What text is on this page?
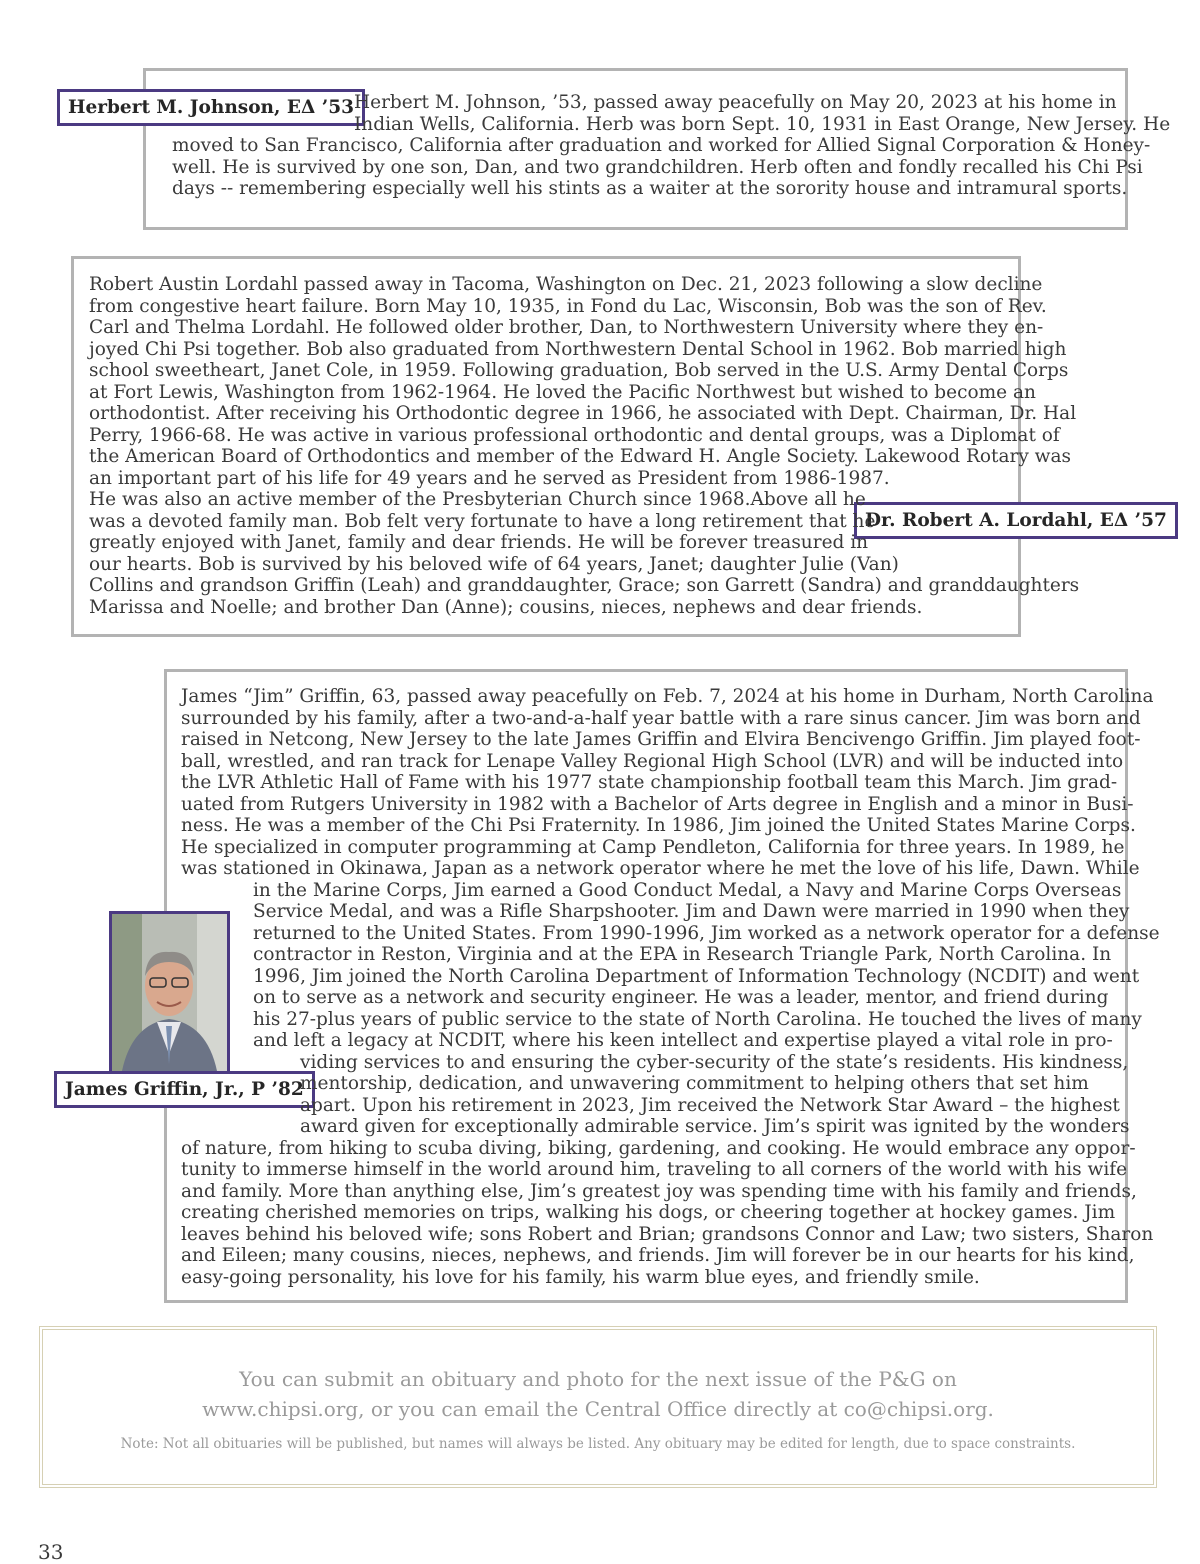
Herbert M. Johnson, EΔ ’53 Herbert M. Johnson, ’53, passed away peacefully on May 20, 2023 at his home in
Indian Wells, California. Herb was born Sept. 10, 1931 in East Orange, New Jersey. He
moved to San Francisco, California after graduation and worked for Allied Signal Corporation & Honey-
well. He is survived by one son, Dan, and two grandchildren. Herb often and fondly recalled his Chi Psi
days -- remembering especially well his stints as a waiter at the sorority house and intramural sports.
Dr. Robert A. Lordahl, EΔ ’57
Robert Austin Lordahl passed away in Tacoma, Washington on Dec. 21, 2023 following a slow decline
from congestive heart failure. Born May 10, 1935, in Fond du Lac, Wisconsin, Bob was the son of Rev.
Carl and Thelma Lordahl. He followed older brother, Dan, to Northwestern University where they en-
joyed Chi Psi together. Bob also graduated from Northwestern Dental School in 1962. Bob married high
school sweetheart, Janet Cole, in 1959. Following graduation, Bob served in the U.S. Army Dental Corps
at Fort Lewis, Washington from 1962-1964. He loved the Pacific Northwest but wished to become an
orthodontist. After receiving his Orthodontic degree in 1966, he associated with Dept. Chairman, Dr. Hal
Perry, 1966-68. He was active in various professional orthodontic and dental groups, was a Diplomat of
the American Board of Orthodontics and member of the Edward H. Angle Society. Lakewood Rotary was
an important part of his life for 49 years and he served as President from 1986-1987.
He was also an active member of the Presbyterian Church since 1968.Above all he
was a devoted family man. Bob felt very fortunate to have a long retirement that he
greatly enjoyed with Janet, family and dear friends. He will be forever treasured in
our hearts. Bob is survived by his beloved wife of 64 years, Janet; daughter Julie (Van)
Collins and grandson Griffin (Leah) and granddaughter, Grace; son Garrett (Sandra) and granddaughters
Marissa and Noelle; and brother Dan (Anne); cousins, nieces, nephews and dear friends.
James Griffin, Jr., P ’82
James “Jim” Griffin, 63, passed away peacefully on Feb. 7, 2024 at his home in Durham, North Carolina
surrounded by his family, after a two-and-a-half year battle with a rare sinus cancer. Jim was born and
raised in Netcong, New Jersey to the late James Griffin and Elvira Bencivengo Griffin. Jim played foot-
ball, wrestled, and ran track for Lenape Valley Regional High School (LVR) and will be inducted into
the LVR Athletic Hall of Fame with his 1977 state championship football team this March. Jim grad-
uated from Rutgers University in 1982 with a Bachelor of Arts degree in English and a minor in Busi-
ness. He was a member of the Chi Psi Fraternity. In 1986, Jim joined the United States Marine Corps.
He specialized in computer programming at Camp Pendleton, California for three years. In 1989, he
was stationed in Okinawa, Japan as a network operator where he met the love of his life, Dawn. While
in the Marine Corps, Jim earned a Good Conduct Medal, a Navy and Marine Corps Overseas
Service Medal, and was a Rifle Sharpshooter. Jim and Dawn were married in 1990 when they
returned to the United States. From 1990-1996, Jim worked as a network operator for a defense
contractor in Reston, Virginia and at the EPA in Research Triangle Park, North Carolina. In
1996, Jim joined the North Carolina Department of Information Technology (NCDIT) and went
on to serve as a network and security engineer. He was a leader, mentor, and friend during
his 27-plus years of public service to the state of North Carolina. He touched the lives of many
and left a legacy at NCDIT, where his keen intellect and expertise played a vital role in pro-
viding services to and ensuring the cyber-security of the state’s residents. His kindness,
mentorship, dedication, and unwavering commitment to helping others that set him
apart. Upon his retirement in 2023, Jim received the Network Star Award – the highest
award given for exceptionally admirable service. Jim’s spirit was ignited by the wonders
of nature, from hiking to scuba diving, biking, gardening, and cooking. He would embrace any oppor-
tunity to immerse himself in the world around him, traveling to all corners of the world with his wife
and family. More than anything else, Jim’s greatest joy was spending time with his family and friends,
creating cherished memories on trips, walking his dogs, or cheering together at hockey games. Jim
leaves behind his beloved wife; sons Robert and Brian; grandsons Connor and Law; two sisters, Sharon
and Eileen; many cousins, nieces, nephews, and friends. Jim will forever be in our hearts for his kind,
easy-going personality, his love for his family, his warm blue eyes, and friendly smile.
You can submit an obituary and photo for the next issue of the P&G on
www.chipsi.org, or you can email the Central Office directly at co@chipsi.org.
Note: Not all obituaries will be published, but names will always be listed. Any obituary may be edited for length, due to space constraints.
33
